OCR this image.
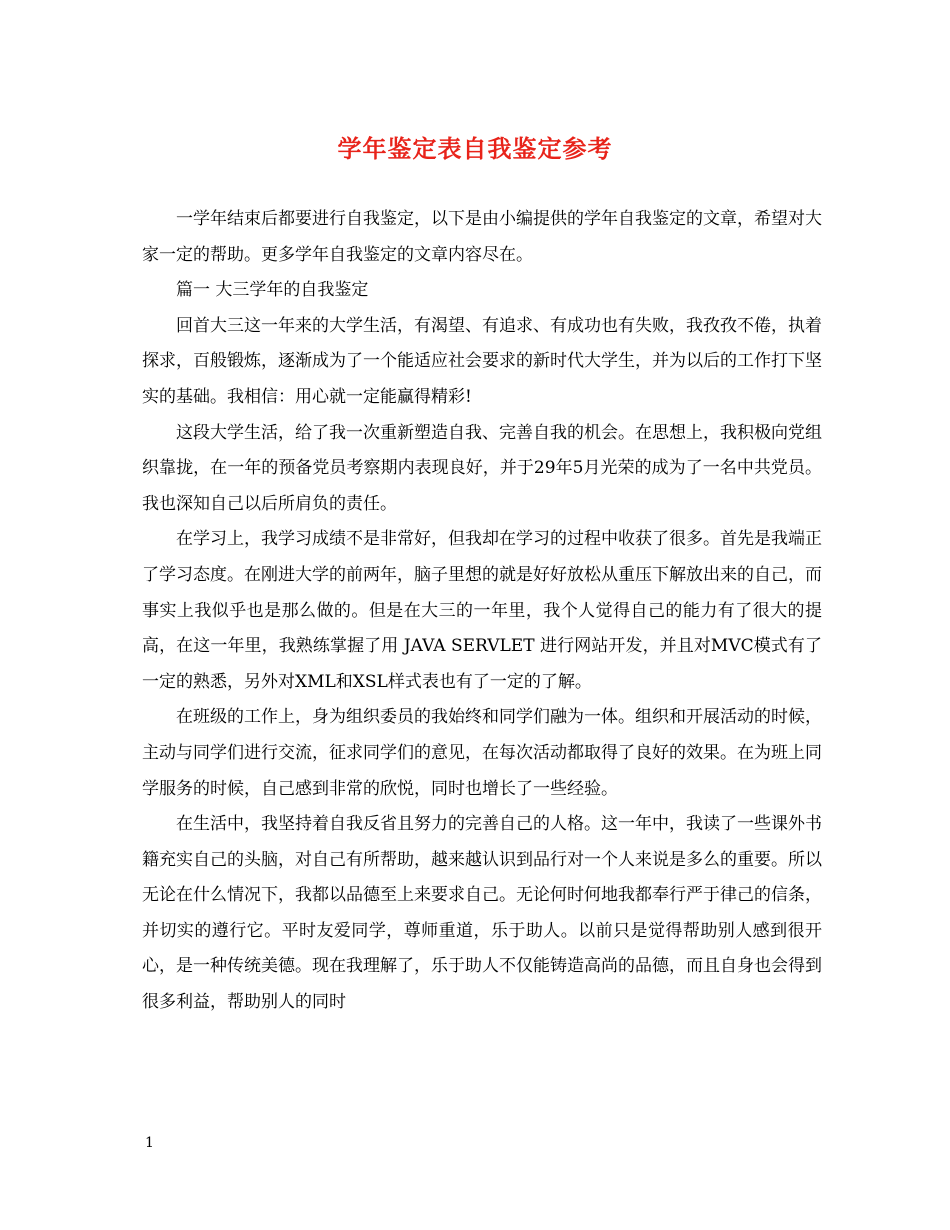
学年鉴定表自我鉴定参考

一学年结束后都要进行自我鉴定，以下是由小编提供的学年自我鉴定的文章，希望对大家一定的帮助。更多学年自我鉴定的文章内容尽在。

篇一 大三学年的自我鉴定

回首大三这一年来的大学生活，有渴望、有追求、有成功也有失败，我孜孜不倦，执着探求，百般锻炼，逐渐成为了一个能适应社会要求的新时代大学生，并为以后的工作打下坚实的基础。我相信：用心就一定能赢得精彩!

这段大学生活，给了我一次重新塑造自我、完善自我的机会。在思想上，我积极向党组织靠拢，在一年的预备党员考察期内表现良好，并于29年5月光荣的成为了一名中共党员。我也深知自己以后所肩负的责任。

在学习上，我学习成绩不是非常好，但我却在学习的过程中收获了很多。首先是我端正了学习态度。在刚进大学的前两年，脑子里想的就是好好放松从重压下解放出来的自己，而事实上我似乎也是那么做的。但是在大三的一年里，我个人觉得自己的能力有了很大的提高，在这一年里，我熟练掌握了用 JAVA SERVLET 进行网站开发，并且对MVC模式有了一定的熟悉，另外对XML和XSL样式表也有了一定的了解。

在班级的工作上，身为组织委员的我始终和同学们融为一体。组织和开展活动的时候，主动与同学们进行交流，征求同学们的意见，在每次活动都取得了良好的效果。在为班上同学服务的时候，自己感到非常的欣悦，同时也增长了一些经验。

在生活中，我坚持着自我反省且努力的完善自己的人格。这一年中，我读了一些课外书籍充实自己的头脑，对自己有所帮助，越来越认识到品行对一个人来说是多么的重要。所以无论在什么情况下，我都以品德至上来要求自己。无论何时何地我都奉行严于律己的信条，并切实的遵行它。平时友爱同学，尊师重道，乐于助人。以前只是觉得帮助别人感到很开心，是一种传统美德。现在我理解了，乐于助人不仅能铸造高尚的品德，而且自身也会得到很多利益，帮助别人的同时

1
